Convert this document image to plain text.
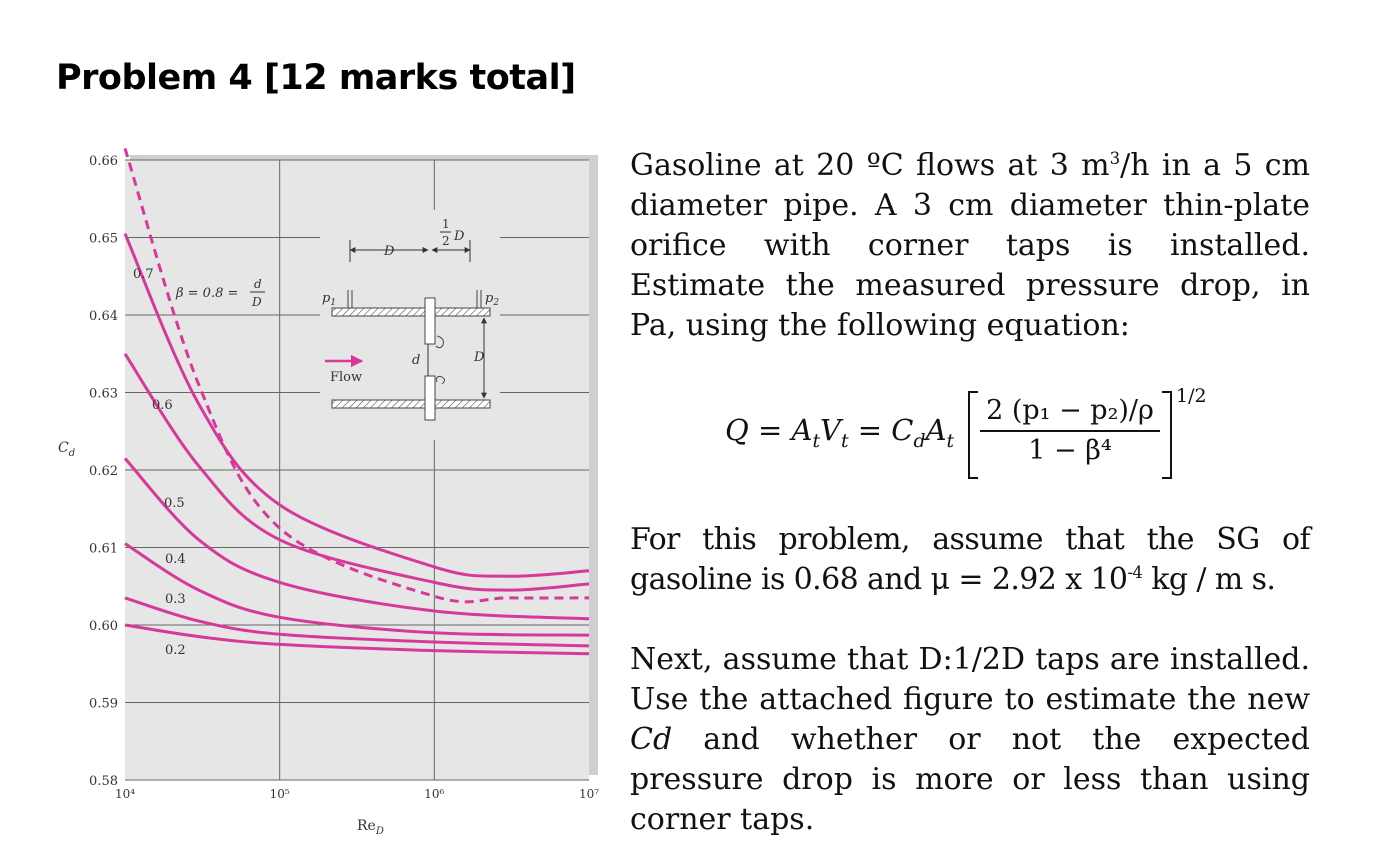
Problem 4 [12 marks total]
0.58
0.59
0.60
0.61
0.62
0.63
0.64
0.65
0.66
10⁴	10⁵	10⁶	10⁷
$C_d$
$Re_D$
Flow
$p_1$	$p_2$
D
1
2 D
d	D
0.7
0.6
0.5
0.4
0.3
0.2
β = 0.8 =
d
D
Gasoline at 20 ºC flows at 3 $m^3/h$ in a 5 cm diameter pipe. A 3 cm diameter thin-plate orifice with corner taps is installed. Estimate the measured pressure drop, in Pa, using the following equation:
$Q = A_tV_t = C_dA_t$
2 (p₁ − p₂)/ρ
1 − β⁴
1/2
For this problem, assume that the SG of gasoline is 0.68 and μ = 2.92 x $10^{-4}$ kg / m s.
Next, assume that D:1/2D taps are installed. Use the attached figure to estimate the new Cd and whether or not the expected pressure drop is more or less than using corner taps.
